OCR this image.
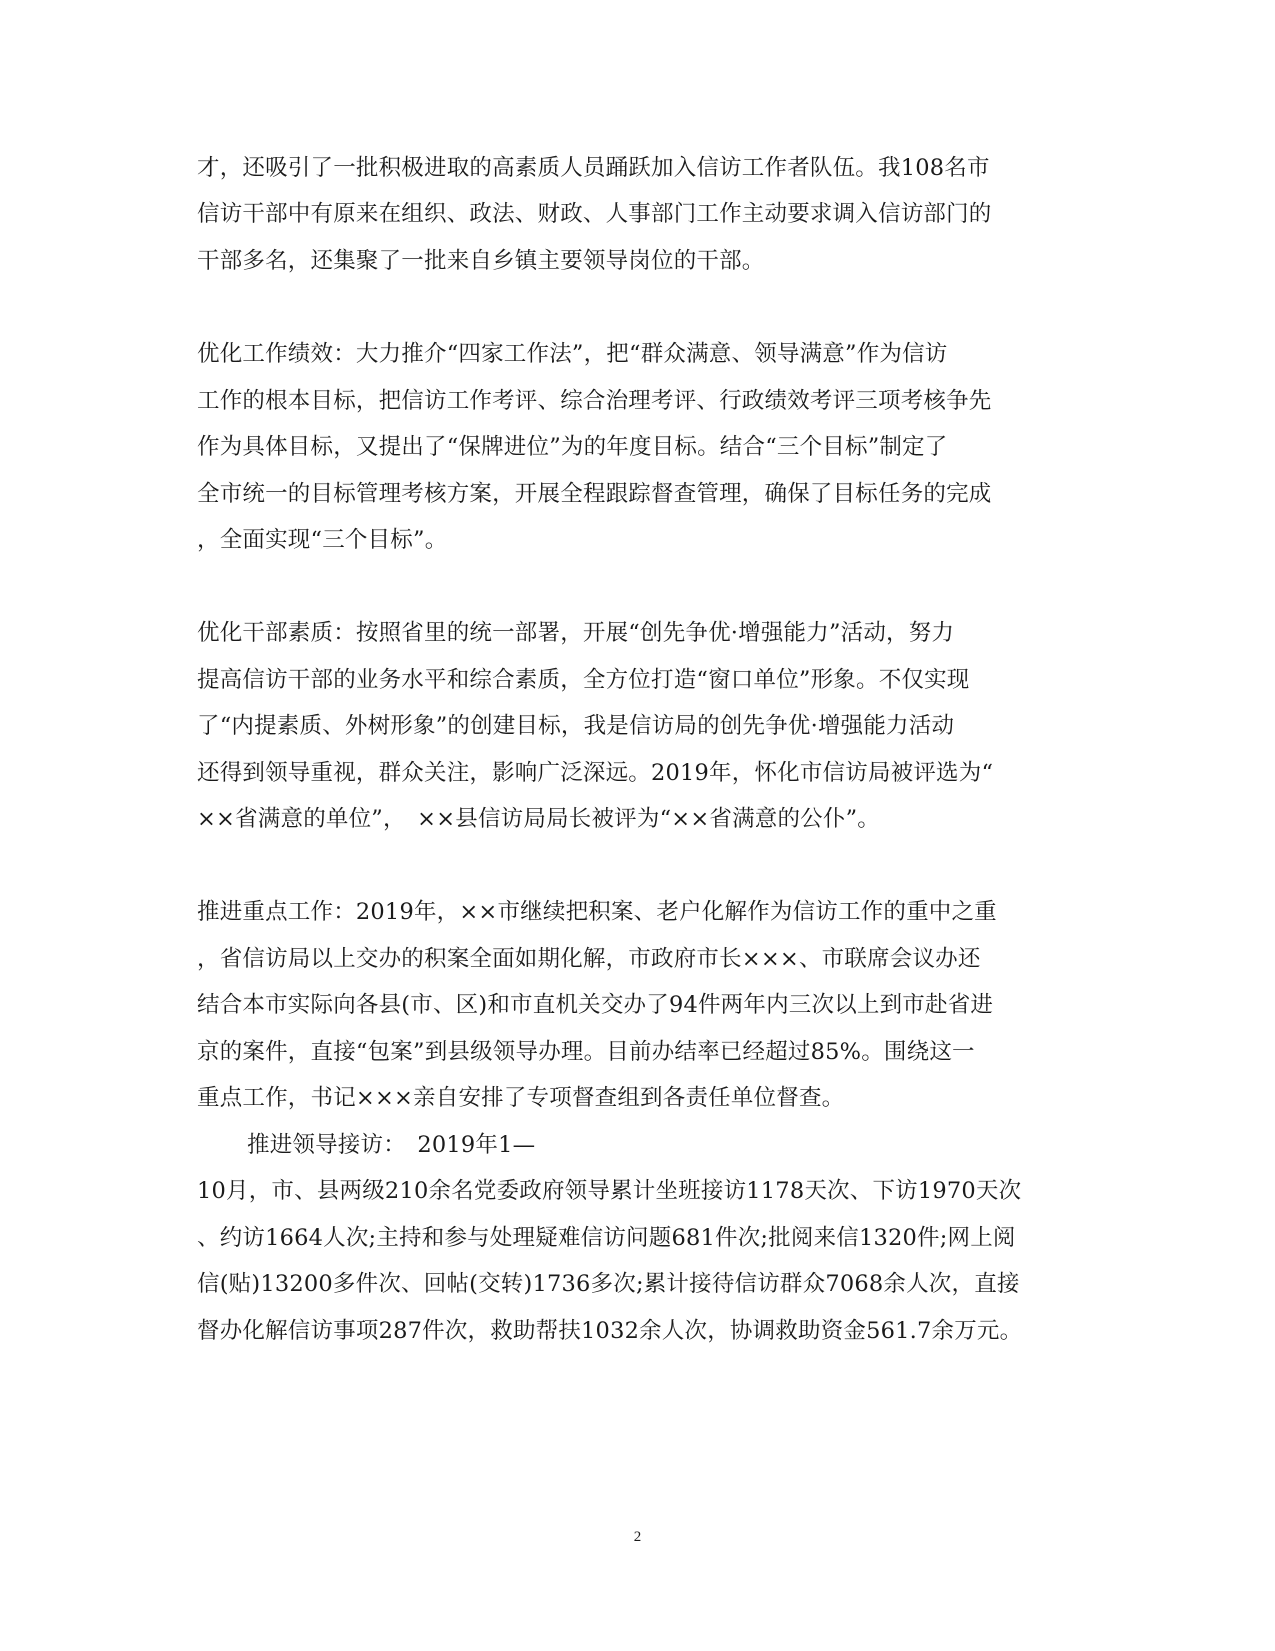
才，还吸引了一批积极进取的高素质人员踊跃加入信访工作者队伍。我108名市
信访干部中有原来在组织、政法、财政、人事部门工作主动要求调入信访部门的
干部多名，还集聚了一批来自乡镇主要领导岗位的干部。
优化工作绩效：大力推介“四家工作法”，把“群众满意、领导满意”作为信访
工作的根本目标，把信访工作考评、综合治理考评、行政绩效考评三项考核争先
作为具体目标，又提出了“保牌进位”为的年度目标。结合“三个目标”制定了
全市统一的目标管理考核方案，开展全程跟踪督查管理，确保了目标任务的完成
，全面实现“三个目标”。
优化干部素质：按照省里的统一部署，开展“创先争优·增强能力”活动，努力
提高信访干部的业务水平和综合素质，全方位打造“窗口单位”形象。不仅实现
了“内提素质、外树形象”的创建目标，我是信访局的创先争优·增强能力活动
还得到领导重视，群众关注，影响广泛深远。2019年，怀化市信访局被评选为“
××省满意的单位”，　××县信访局局长被评为“××省满意的公仆”。
推进重点工作：2019年，××市继续把积案、老户化解作为信访工作的重中之重
，省信访局以上交办的积案全面如期化解，市政府市长×××、市联席会议办还
结合本市实际向各县(市、区)和市直机关交办了94件两年内三次以上到市赴省进
京的案件，直接“包案”到县级领导办理。目前办结率已经超过85%。围绕这一
重点工作，书记×××亲自安排了专项督查组到各责任单位督查。
推进领导接访：　2019年1—
10月，市、县两级210余名党委政府领导累计坐班接访1178天次、下访1970天次
、约访1664人次;主持和参与处理疑难信访问题681件次;批阅来信1320件;网上阅
信(贴)13200多件次、回帖(交转)1736多次;累计接待信访群众7068余人次，直接
督办化解信访事项287件次，救助帮扶1032余人次，协调救助资金561.7余万元。
2
